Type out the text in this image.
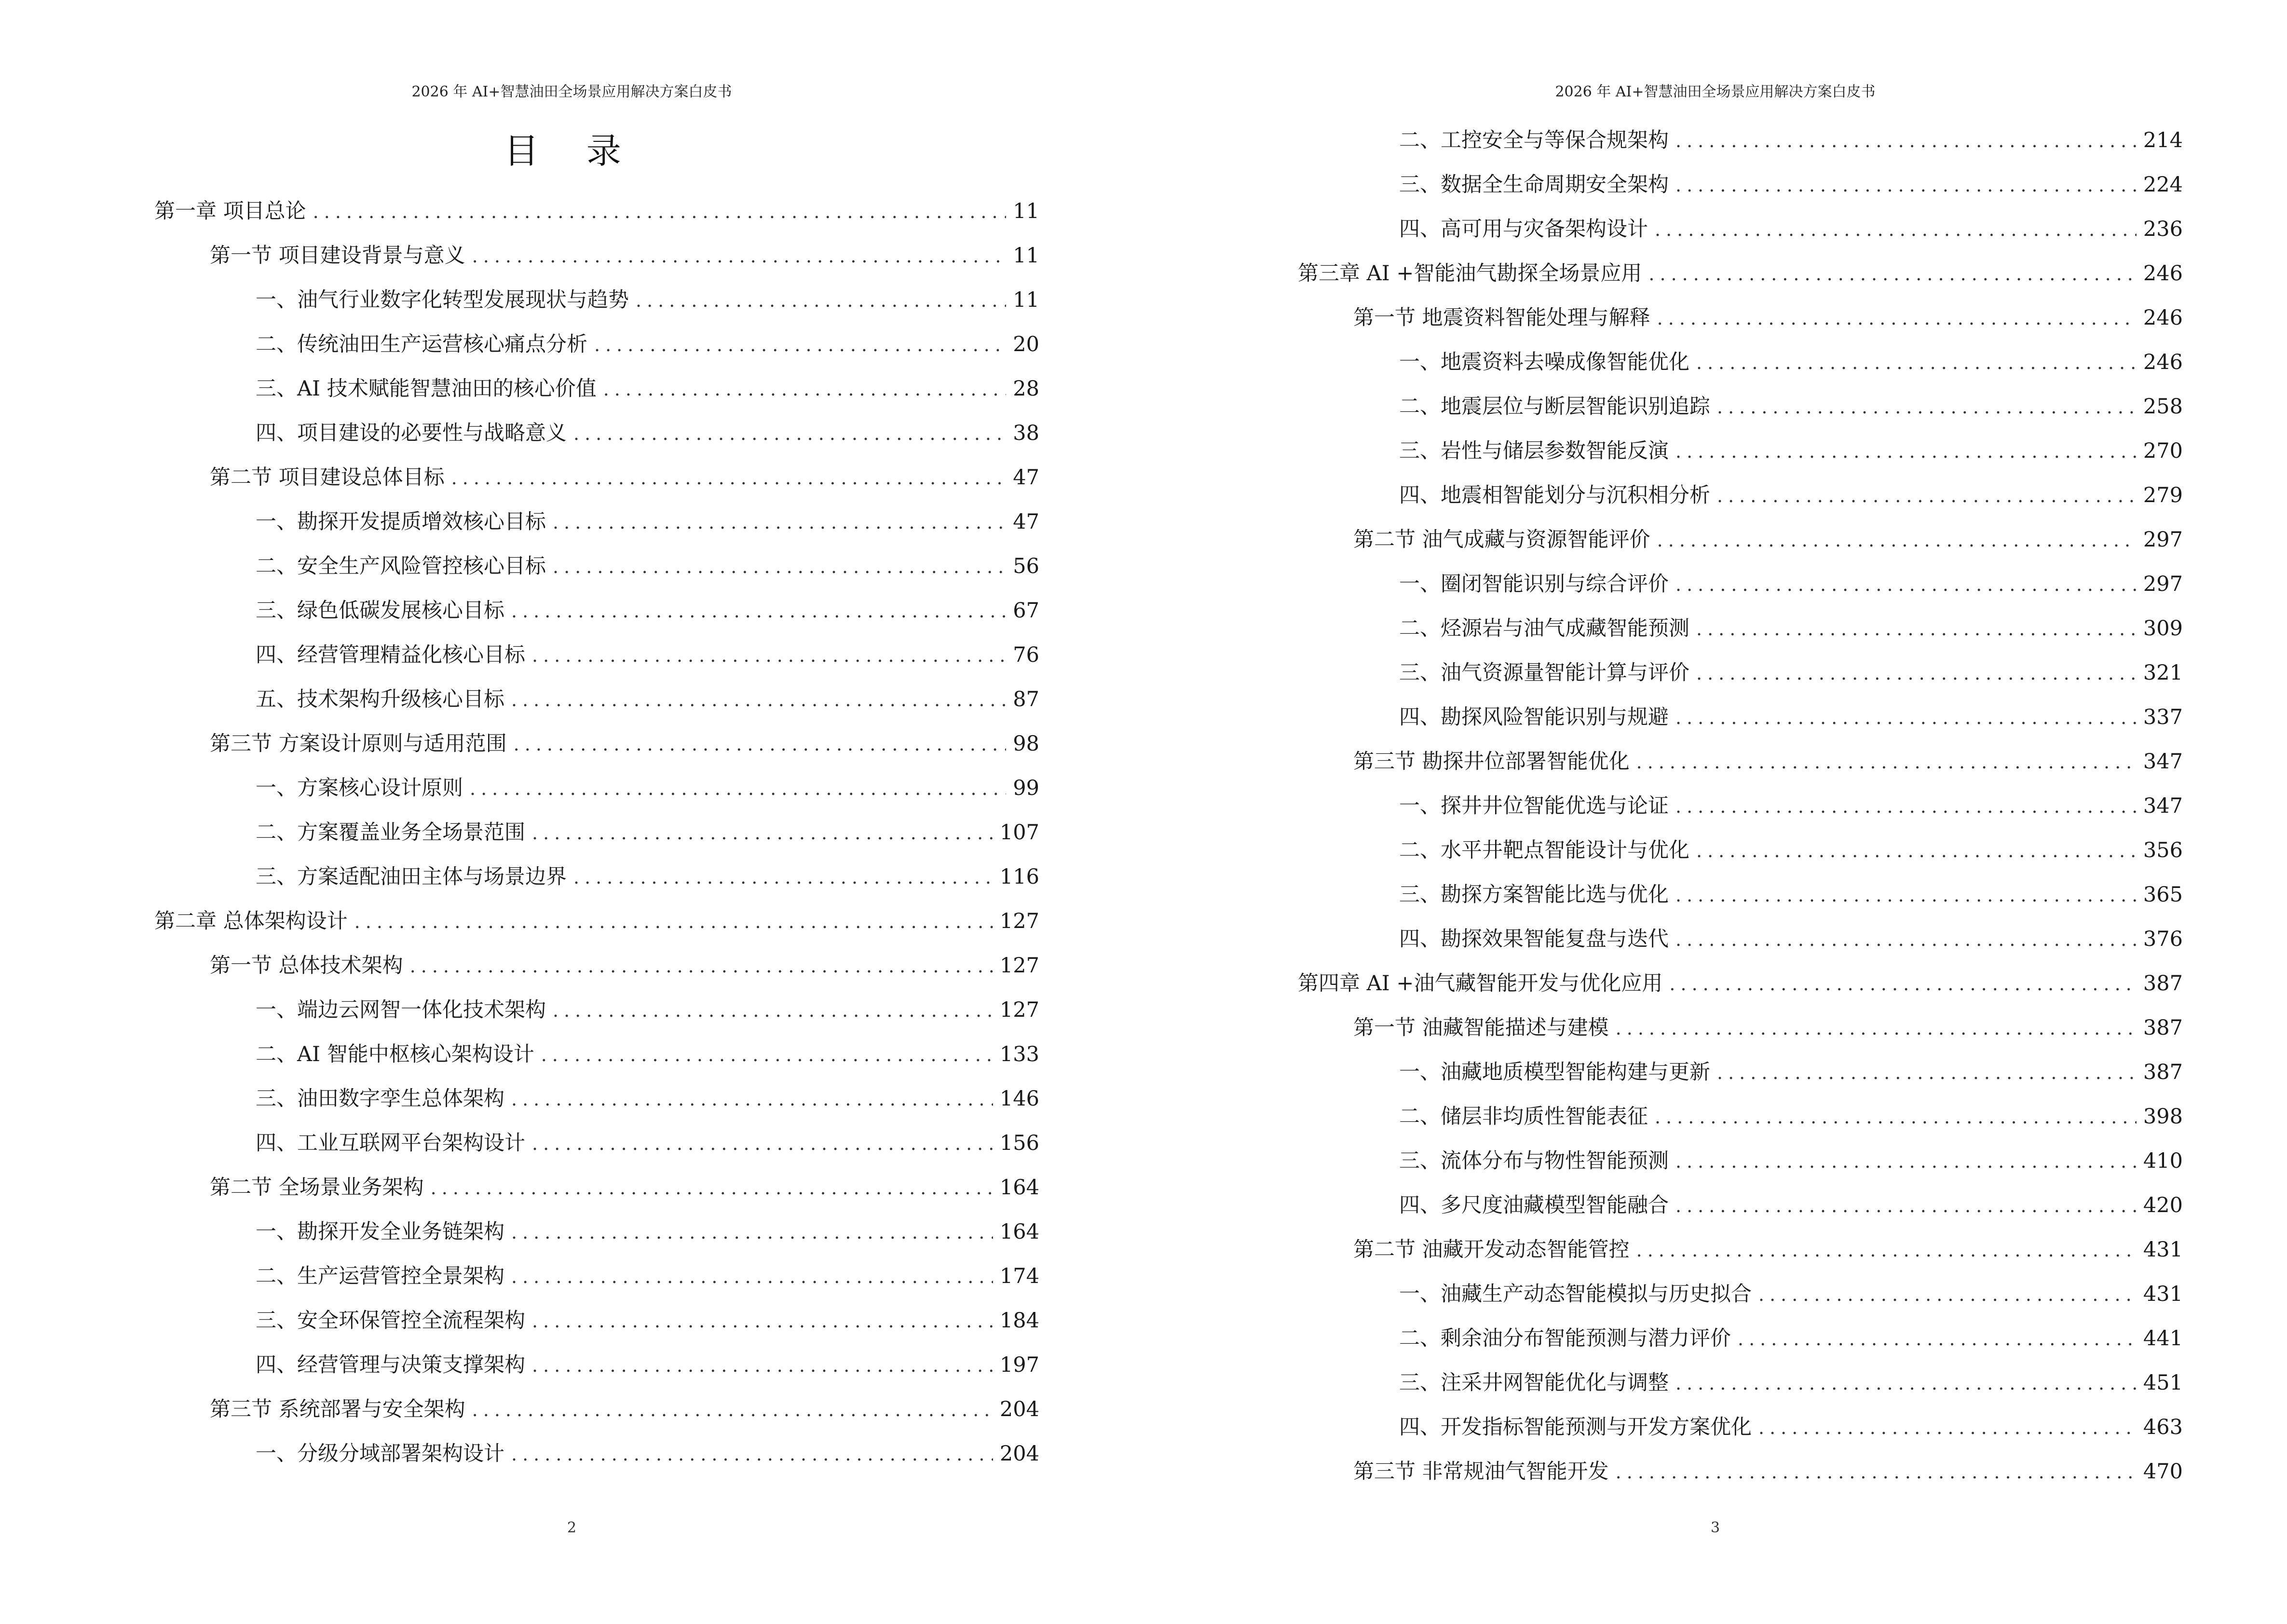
2026 年 AI+智慧油田全场景应用解决方案白皮书
目 录
第一章 项目总论 .....	11
第一节 项目建设背景与意义 .....	11
一、油气行业数字化转型发展现状与趋势 .....	11
二、传统油田生产运营核心痛点分析 .....	20
三、AI 技术赋能智慧油田的核心价值 .....	28
四、项目建设的必要性与战略意义 .....	38
第二节 项目建设总体目标 .....	47
一、勘探开发提质增效核心目标 .....	47
二、安全生产风险管控核心目标 .....	56
三、绿色低碳发展核心目标 .....	67
四、经营管理精益化核心目标 .....	76
五、技术架构升级核心目标 .....	87
第三节 方案设计原则与适用范围 .....	98
一、方案核心设计原则 .....	99
二、方案覆盖业务全场景范围 .....	107
三、方案适配油田主体与场景边界 .....	116
第二章 总体架构设计 .....	127
第一节 总体技术架构 .....	127
一、端边云网智一体化技术架构 .....	127
二、AI 智能中枢核心架构设计 .....	133
三、油田数字孪生总体架构 .....	146
四、工业互联网平台架构设计 .....	156
第二节 全场景业务架构 .....	164
一、勘探开发全业务链架构 .....	164
二、生产运营管控全景架构 .....	174
三、安全环保管控全流程架构 .....	184
四、经营管理与决策支撑架构 .....	197
第三节 系统部署与安全架构 .....	204
一、分级分域部署架构设计 .....	204
2
2026 年 AI+智慧油田全场景应用解决方案白皮书
二、工控安全与等保合规架构 .....	214
三、数据全生命周期安全架构 .....	224
四、高可用与灾备架构设计 .....	236
第三章 AI +智能油气勘探全场景应用 .....	246
第一节 地震资料智能处理与解释 .....	246
一、地震资料去噪成像智能优化 .....	246
二、地震层位与断层智能识别追踪 .....	258
三、岩性与储层参数智能反演 .....	270
四、地震相智能划分与沉积相分析 .....	279
第二节 油气成藏与资源智能评价 .....	297
一、圈闭智能识别与综合评价 .....	297
二、烃源岩与油气成藏智能预测 .....	309
三、油气资源量智能计算与评价 .....	321
四、勘探风险智能识别与规避 .....	337
第三节 勘探井位部署智能优化 .....	347
一、探井井位智能优选与论证 .....	347
二、水平井靶点智能设计与优化 .....	356
三、勘探方案智能比选与优化 .....	365
四、勘探效果智能复盘与迭代 .....	376
第四章 AI +油气藏智能开发与优化应用 .....	387
第一节 油藏智能描述与建模 .....	387
一、油藏地质模型智能构建与更新 .....	387
二、储层非均质性智能表征 .....	398
三、流体分布与物性智能预测 .....	410
四、多尺度油藏模型智能融合 .....	420
第二节 油藏开发动态智能管控 .....	431
一、油藏生产动态智能模拟与历史拟合 .....	431
二、剩余油分布智能预测与潜力评价 .....	441
三、注采井网智能优化与调整 .....	451
四、开发指标智能预测与开发方案优化 .....	463
第三节 非常规油气智能开发 .....	470
3
